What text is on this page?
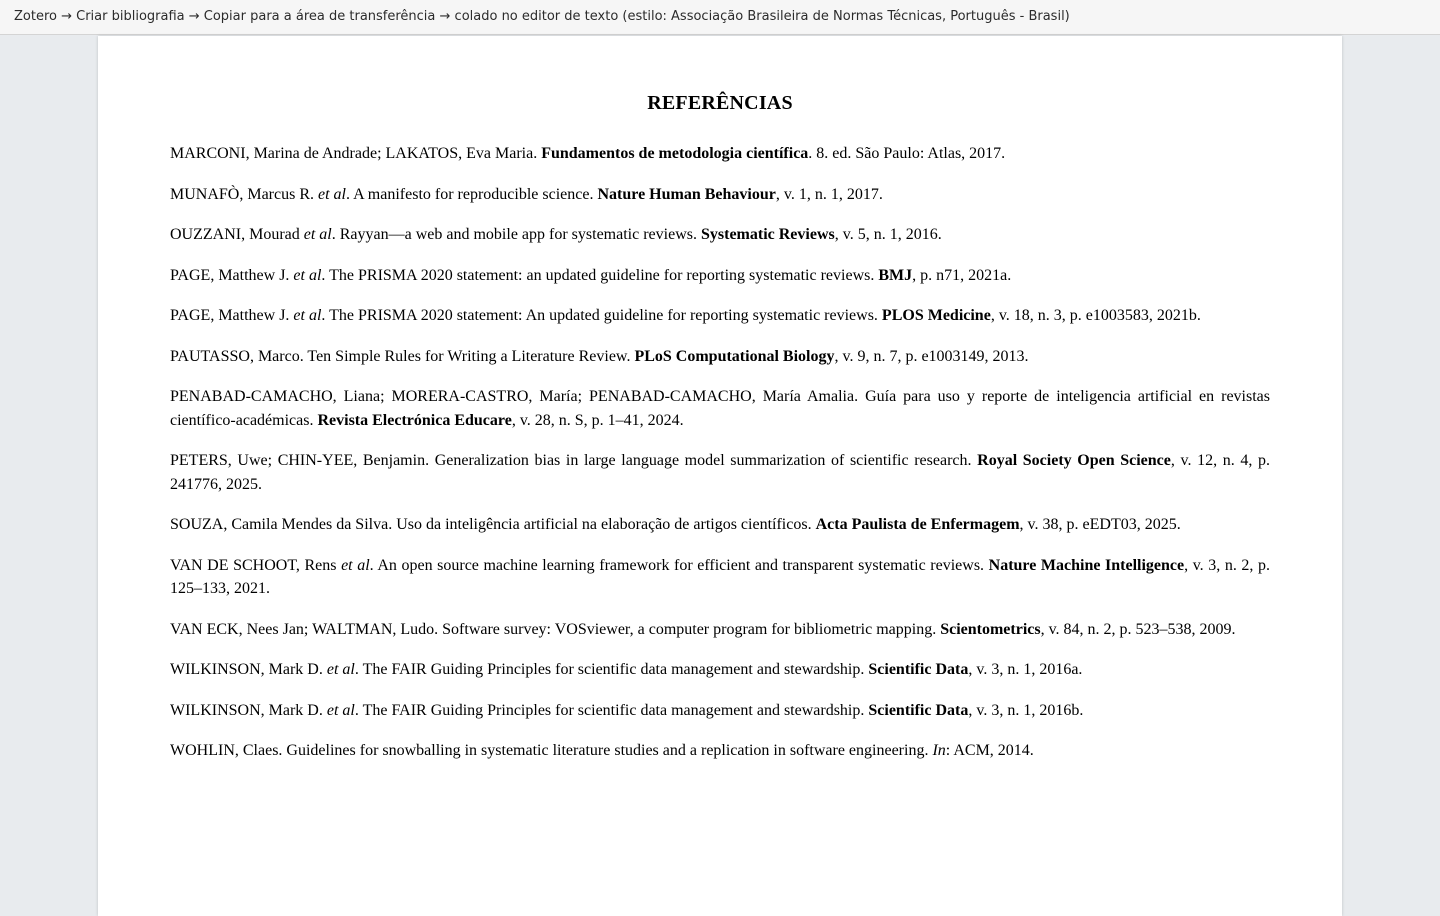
Zotero → Criar bibliografia → Copiar para a área de transferência → colado no editor de texto (estilo: Associação Brasileira de Normas Técnicas, Português - Brasil)
REFERÊNCIAS
MARCONI, Marina de Andrade; LAKATOS, Eva Maria. Fundamentos de metodologia científica. 8. ed. São Paulo: Atlas, 2017.
MUNAFÒ, Marcus R. et al. A manifesto for reproducible science. Nature Human Behaviour, v. 1, n. 1, 2017.
OUZZANI, Mourad et al. Rayyan—a web and mobile app for systematic reviews. Systematic Reviews, v. 5, n. 1, 2016.
PAGE, Matthew J. et al. The PRISMA 2020 statement: an updated guideline for reporting systematic reviews. BMJ, p. n71, 2021a.
PAGE, Matthew J. et al. The PRISMA 2020 statement: An updated guideline for reporting systematic reviews. PLOS Medicine, v. 18, n. 3, p. e1003583, 2021b.
PAUTASSO, Marco. Ten Simple Rules for Writing a Literature Review. PLoS Computational Biology, v. 9, n. 7, p. e1003149, 2013.
PENABAD-CAMACHO, Liana; MORERA-CASTRO, María; PENABAD-CAMACHO, María Amalia. Guía para uso y reporte de inteligencia artificial en revistas científico-académicas. Revista Electrónica Educare, v. 28, n. S, p. 1–41, 2024.
PETERS, Uwe; CHIN-YEE, Benjamin. Generalization bias in large language model summarization of scientific research. Royal Society Open Science, v. 12, n. 4, p. 241776, 2025.
SOUZA, Camila Mendes da Silva. Uso da inteligência artificial na elaboração de artigos científicos. Acta Paulista de Enfermagem, v. 38, p. eEDT03, 2025.
VAN DE SCHOOT, Rens et al. An open source machine learning framework for efficient and transparent systematic reviews. Nature Machine Intelligence, v. 3, n. 2, p. 125–133, 2021.
VAN ECK, Nees Jan; WALTMAN, Ludo. Software survey: VOSviewer, a computer program for bibliometric mapping. Scientometrics, v. 84, n. 2, p. 523–538, 2009.
WILKINSON, Mark D. et al. The FAIR Guiding Principles for scientific data management and stewardship. Scientific Data, v. 3, n. 1, 2016a.
WILKINSON, Mark D. et al. The FAIR Guiding Principles for scientific data management and stewardship. Scientific Data, v. 3, n. 1, 2016b.
WOHLIN, Claes. Guidelines for snowballing in systematic literature studies and a replication in software engineering. In: ACM, 2014.
